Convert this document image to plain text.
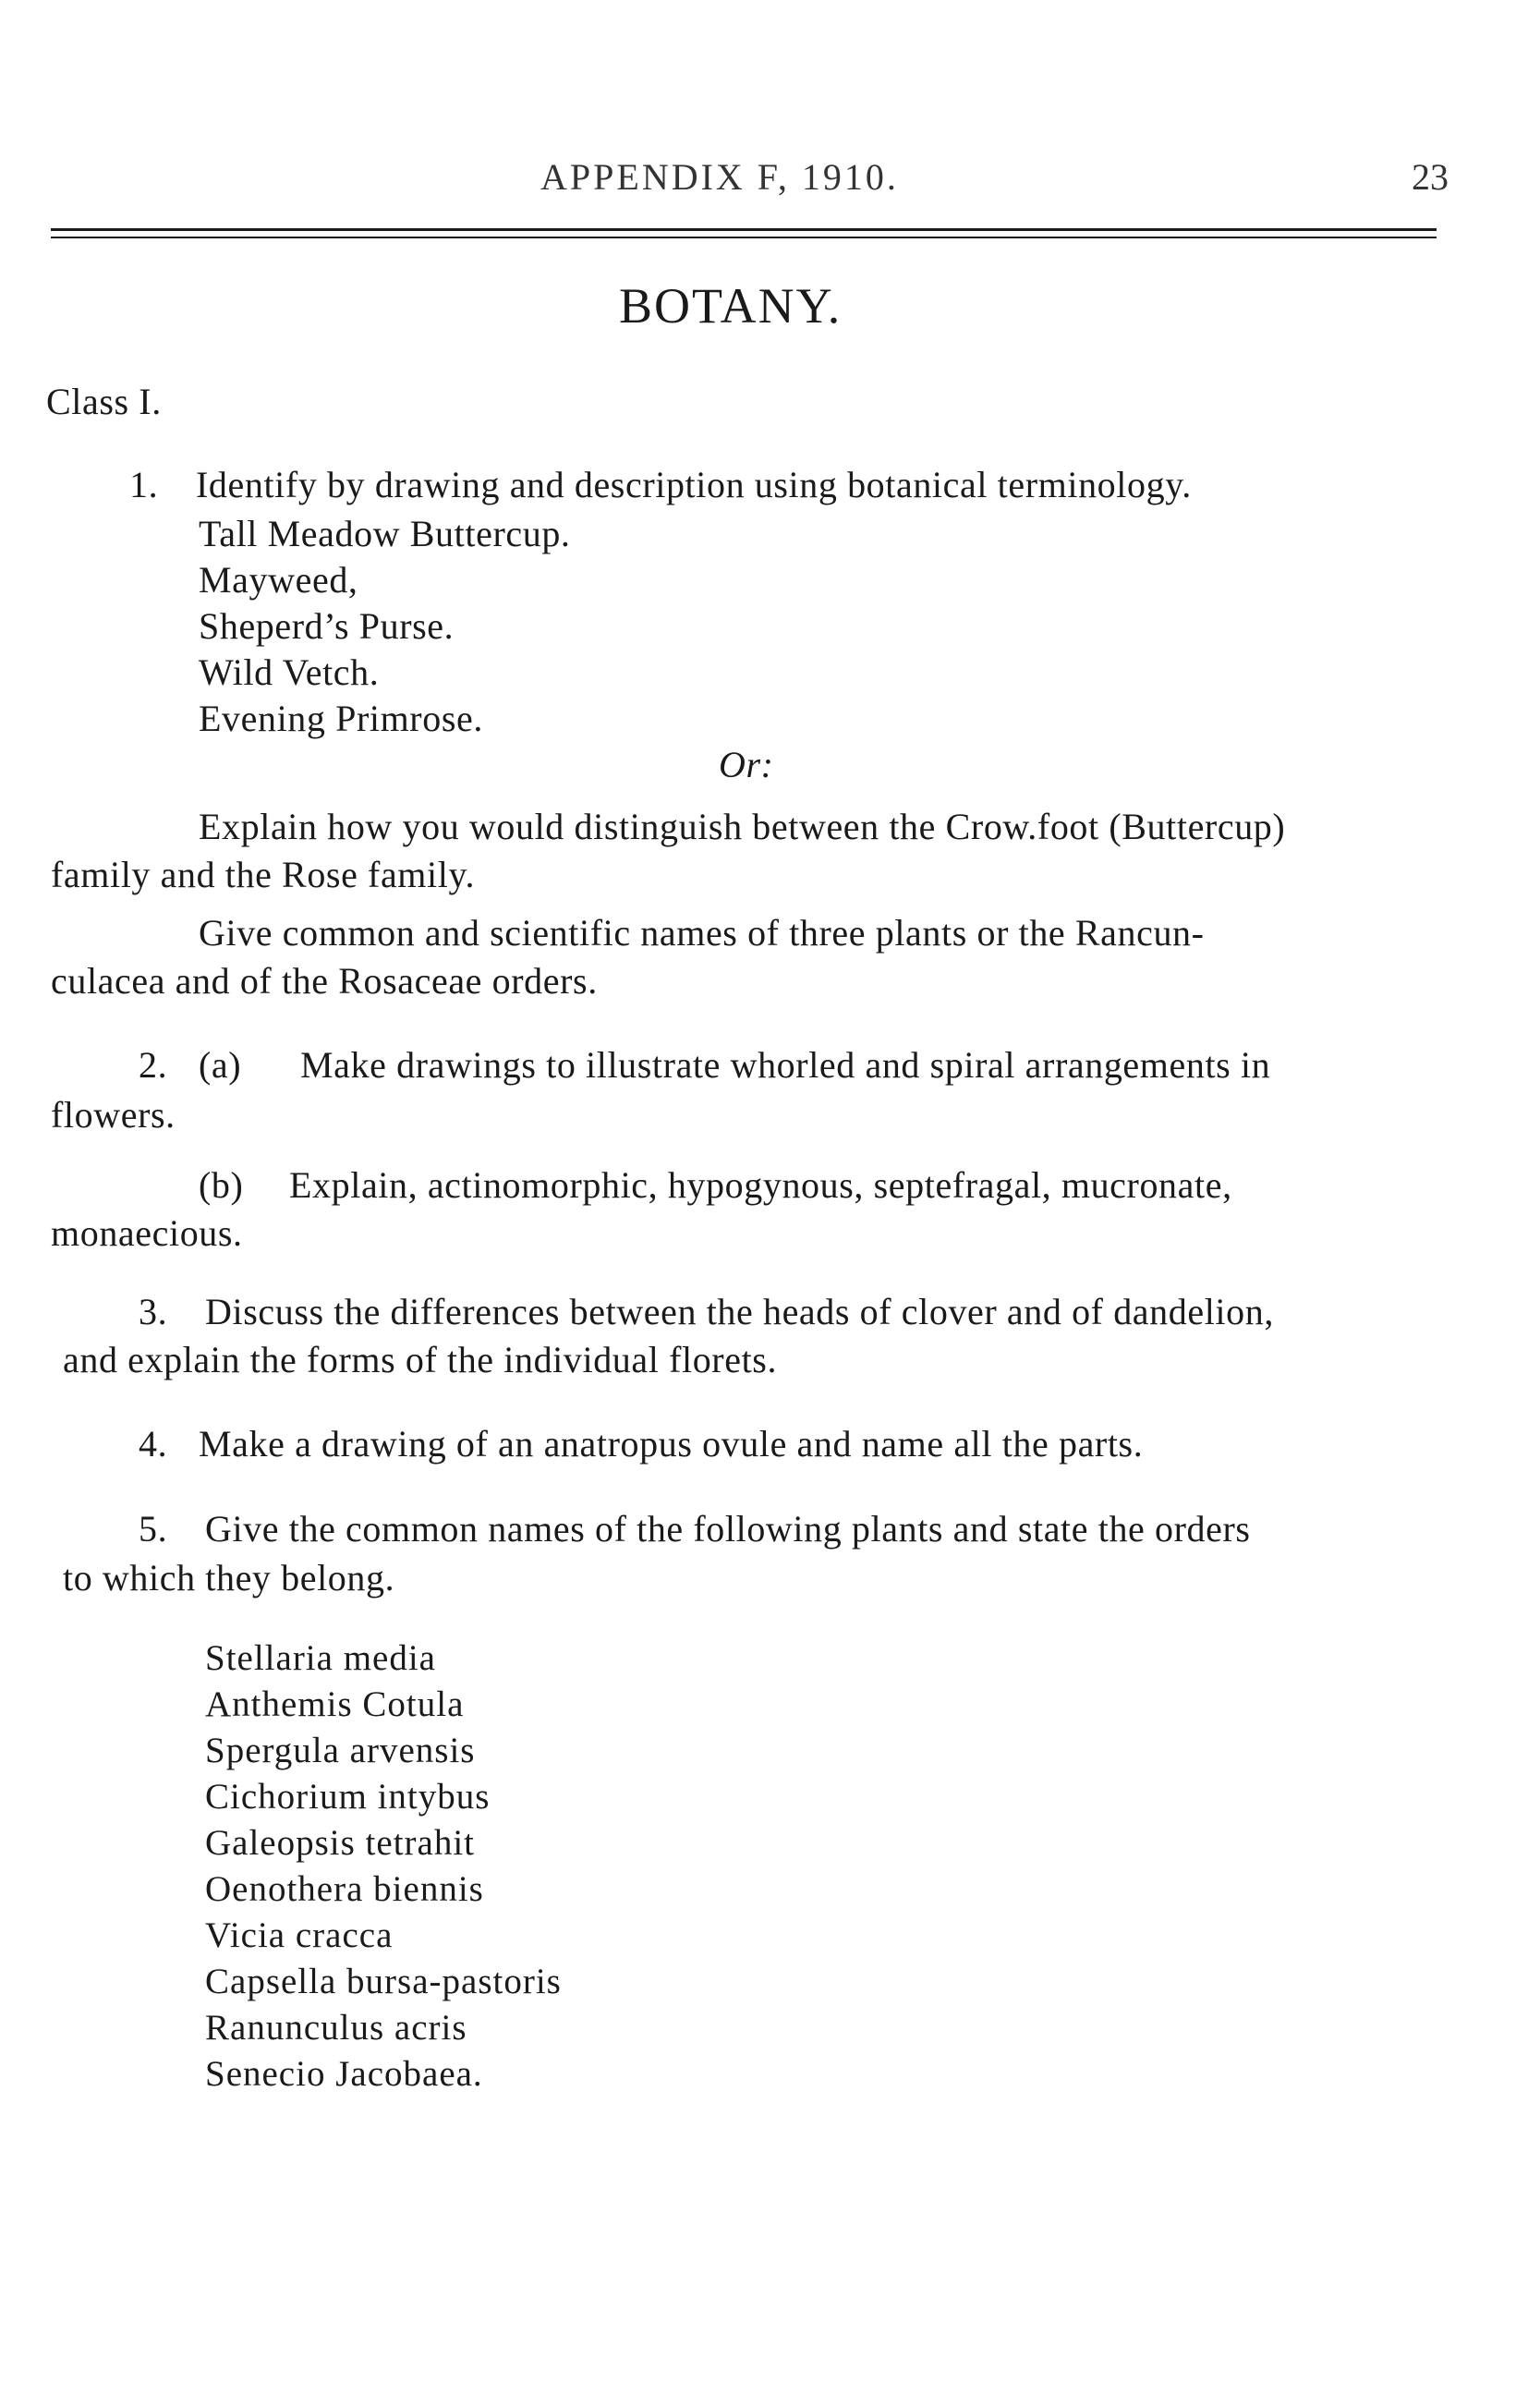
APPENDIX F, 1910.	23
BOTANY.
Class I.
1. Identify by drawing and description using botanical terminology.
Tall Meadow Buttercup.
Mayweed,
Sheperd’s Purse.
Wild Vetch.
Evening Primrose.
Or:
Explain how you would distinguish between the Crow.foot (Buttercup)
family and the Rose family.
Give common and scientific names of three plants or the Rancun-
culacea and of the Rosaceae orders.
2. (a) Make drawings to illustrate whorled and spiral arrangements in
flowers.
(b) Explain, actinomorphic, hypogynous, septefragal, mucronate,
monaecious.
3. Discuss the differences between the heads of clover and of dandelion,
and explain the forms of the individual florets.
4. Make a drawing of an anatropus ovule and name all the parts.
5. Give the common names of the following plants and state the orders
to which they belong.
Stellaria media
Anthemis Cotula
Spergula arvensis
Cichorium intybus
Galeopsis tetrahit
Oenothera biennis
Vicia cracca
Capsella bursa-pastoris
Ranunculus acris
Senecio Jacobaea.
